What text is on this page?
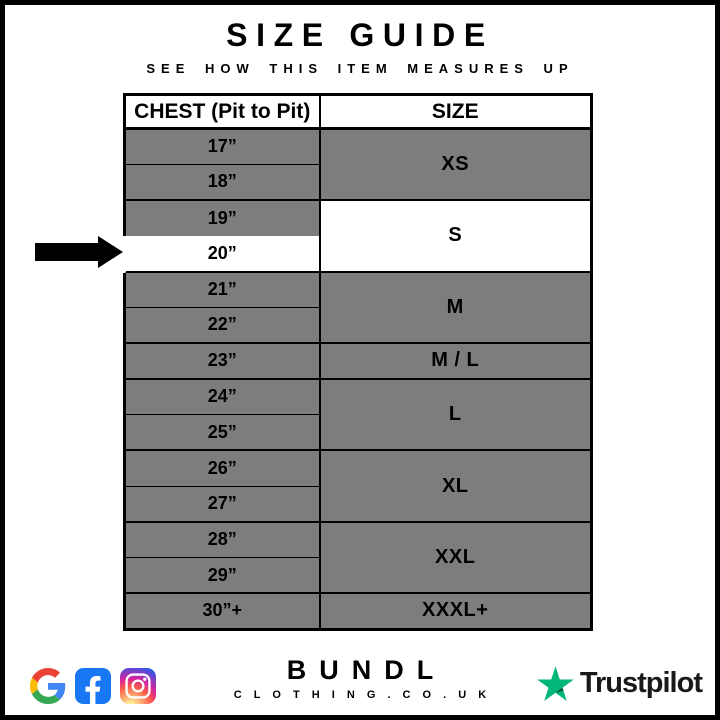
SIZE GUIDE
SEE HOW THIS ITEM MEASURES UP
CHEST (Pit to Pit)	SIZE
17”	XS
18”	
19”	S
20”	
21”	M
22”	
23”	M / L
24”	L
25”	
26”	XL
27”	
28”	XXL
29”	
30”+	XXXL+
BUNDL
C L O T H I N G . C O . U K	Trustpilot
